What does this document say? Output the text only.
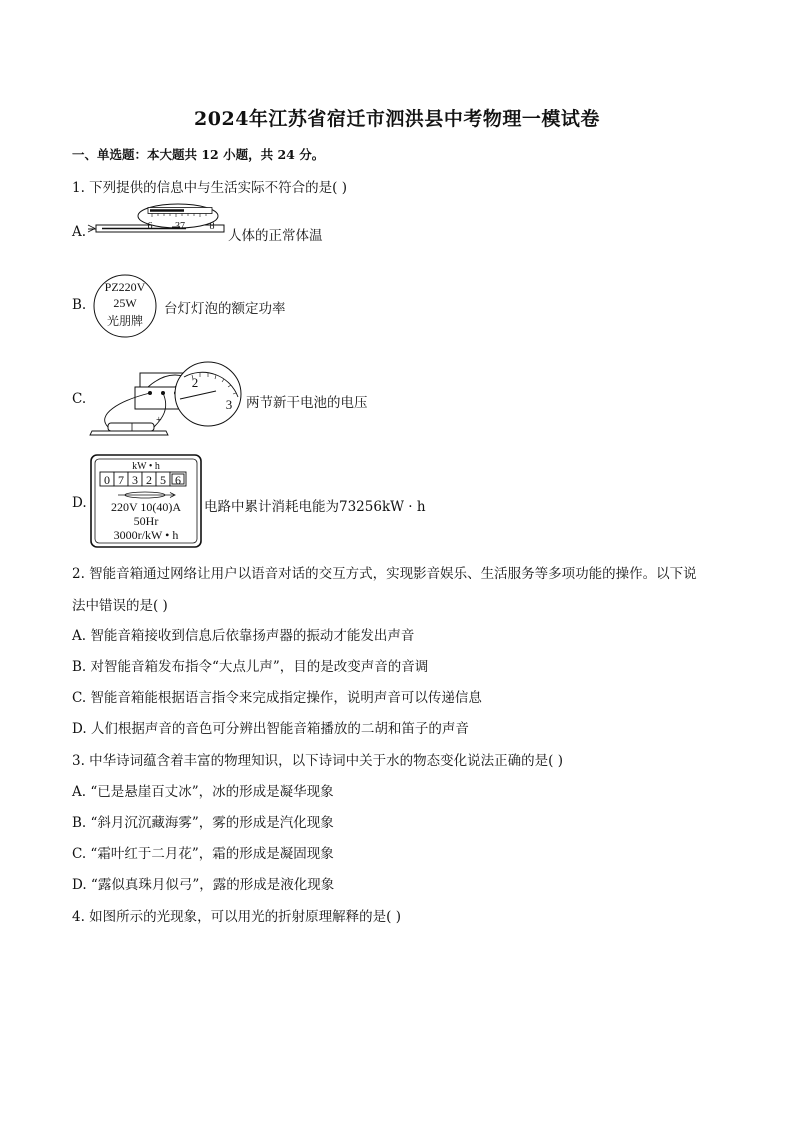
2024年江苏省宿迁市泗洪县中考物理一模试卷
一、单选题：本大题共 12 小题，共 24 分。
1. 下列提供的信息中与生活实际不符合的是( )
A.	6 37 8
人体的正常体温
B.
PZ220V
25W
光朋牌
台灯灯泡的额定功率
C.
2
3
+
两节新干电池的电压
D.
kW • h
0 7 3 2 5 6
220V 10(40)A
50Hr
3000r/kW • h
电路中累计消耗电能为73256kW · h
2. 智能音箱通过网络让用户以语音对话的交互方式，实现影音娱乐、生活服务等多项功能的操作。以下说
法中错误的是( )
A. 智能音箱接收到信息后依靠扬声器的振动才能发出声音
B. 对智能音箱发布指令“大点儿声”，目的是改变声音的音调
C. 智能音箱能根据语言指令来完成指定操作，说明声音可以传递信息
D. 人们根据声音的音色可分辨出智能音箱播放的二胡和笛子的声音
3. 中华诗词蕴含着丰富的物理知识，以下诗词中关于水的物态变化说法正确的是( )
A. “已是悬崖百丈冰”，冰的形成是凝华现象
B. “斜月沉沉藏海雾”，雾的形成是汽化现象
C. “霜叶红于二月花”，霜的形成是凝固现象
D. “露似真珠月似弓”，露的形成是液化现象
4. 如图所示的光现象，可以用光的折射原理解释的是( )
